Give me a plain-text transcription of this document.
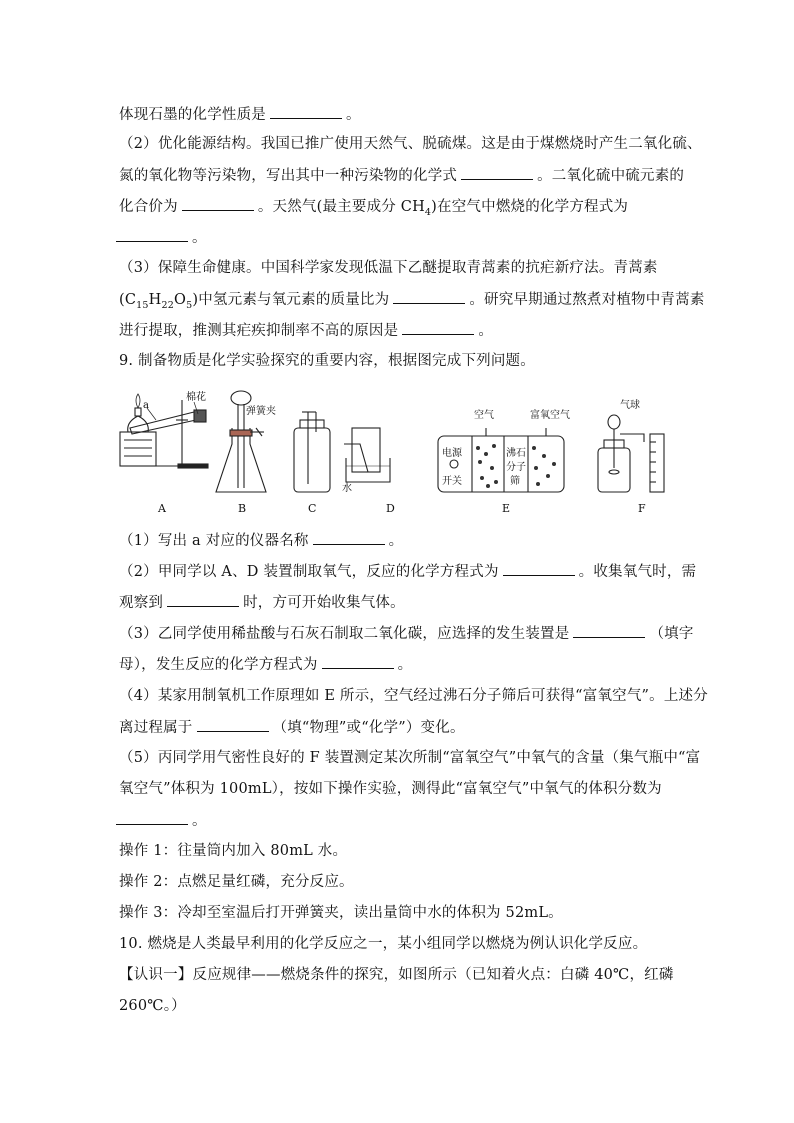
体现石墨的化学性质是	。
（2）优化能源结构。我国已推广使用天然气、脱硫煤。这是由于煤燃烧时产生二氧化硫、
氮的氧化物等污染物，写出其中一种污染物的化学式	。二氧化硫中硫元素的
化合价为	。天然气(最主要成分 $CH_4$)在空气中燃烧的化学方程式为
。
（3）保障生命健康。中国科学家发现低温下乙醚提取青蒿素的抗疟新疗法。青蒿素
$(C_{15}H_{22}O_5)$中氢元素与氧元素的质量比为	。研究早期通过熬煮对植物中青蒿素
进行提取，推测其疟疾抑制率不高的原因是	。
9. 制备物质是化学实验探究的重要内容，根据图完成下列问题。
a
棉花
弹簧夹
水
电源
开关
沸石
分子
筛
空气	富氧空气
气球
A	B	C	D	E	F
（1）写出 a 对应的仪器名称	。
（2）甲同学以 A、D 装置制取氧气，反应的化学方程式为	。收集氧气时，需
观察到	时，方可开始收集气体。
（3）乙同学使用稀盐酸与石灰石制取二氧化碳，应选择的发生装置是	（填字
母），发生反应的化学方程式为	。
（4）某家用制氧机工作原理如 E 所示，空气经过沸石分子筛后可获得“富氧空气”。上述分
离过程属于	（填“物理”或“化学”）变化。
（5）丙同学用气密性良好的 F 装置测定某次所制“富氧空气”中氧气的含量（集气瓶中“富
氧空气”体积为 100mL），按如下操作实验，测得此“富氧空气”中氧气的体积分数为
。
操作 1：往量筒内加入 80mL 水。
操作 2：点燃足量红磷，充分反应。
操作 3：冷却至室温后打开弹簧夹，读出量筒中水的体积为 52mL。
10. 燃烧是人类最早利用的化学反应之一，某小组同学以燃烧为例认识化学反应。
【认识一】反应规律——燃烧条件的探究，如图所示（已知着火点：白磷 40℃，红磷
260℃。）
